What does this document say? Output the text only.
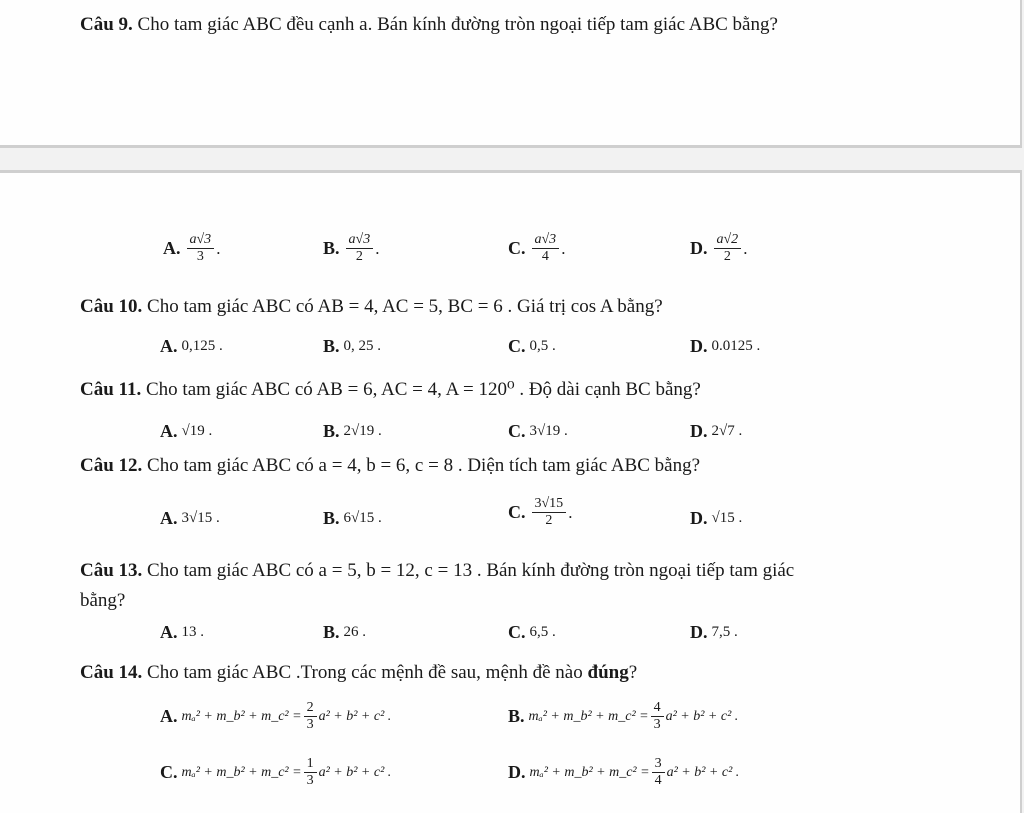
Câu 9. Cho tam giác ABC đều cạnh a. Bán kính đường tròn ngoại tiếp tam giác ABC bằng?
A. $\frac{a√3}{3}$ .	B. $\frac{a√3}{2}$ .	C. $\frac{a√3}{4}$ .	D. $\frac{a√2}{2}$ .
Câu 10. Cho tam giác ABC có AB = 4, AC = 5, BC = 6 . Giá trị cos A bằng?
A. 0,125 .	B. 0, 25 .	C. 0,5 .	D. 0.0125 .
Câu 11. Cho tam giác ABC có AB = 6, AC = 4, A = 120⁰ . Độ dài cạnh BC bằng?
A. √19 .	B. 2√19 .	C. 3√19 .	D. 2√7 .
Câu 12. Cho tam giác ABC có a = 4, b = 6, c = 8 . Diện tích tam giác ABC bằng?
A. 3√15 .	B. 6√15 .	C. $\frac{3√15}{2}$ .	D. √15 .
Câu 13. Cho tam giác ABC có a = 5, b = 12, c = 13 . Bán kính đường tròn ngoại tiếp tam giác
bằng?
A. 13 .	B. 26 .	C. 6,5 .	D. 7,5 .
Câu 14. Cho tam giác ABC .Trong các mệnh đề sau, mệnh đề nào đúng?
A. mₐ² + m_b² + m_c² = $\frac{2}{3} a^2 + b^2 + c^2$ .	B. mₐ² + m_b² + m_c² = $\frac{4}{3} a^2 + b^2 + c^2$ .
C. mₐ² + m_b² + m_c² = $\frac{1}{3} a^2 + b^2 + c^2$ .	D. mₐ² + m_b² + m_c² = $\frac{3}{4} a^2 + b^2 + c^2$ .
